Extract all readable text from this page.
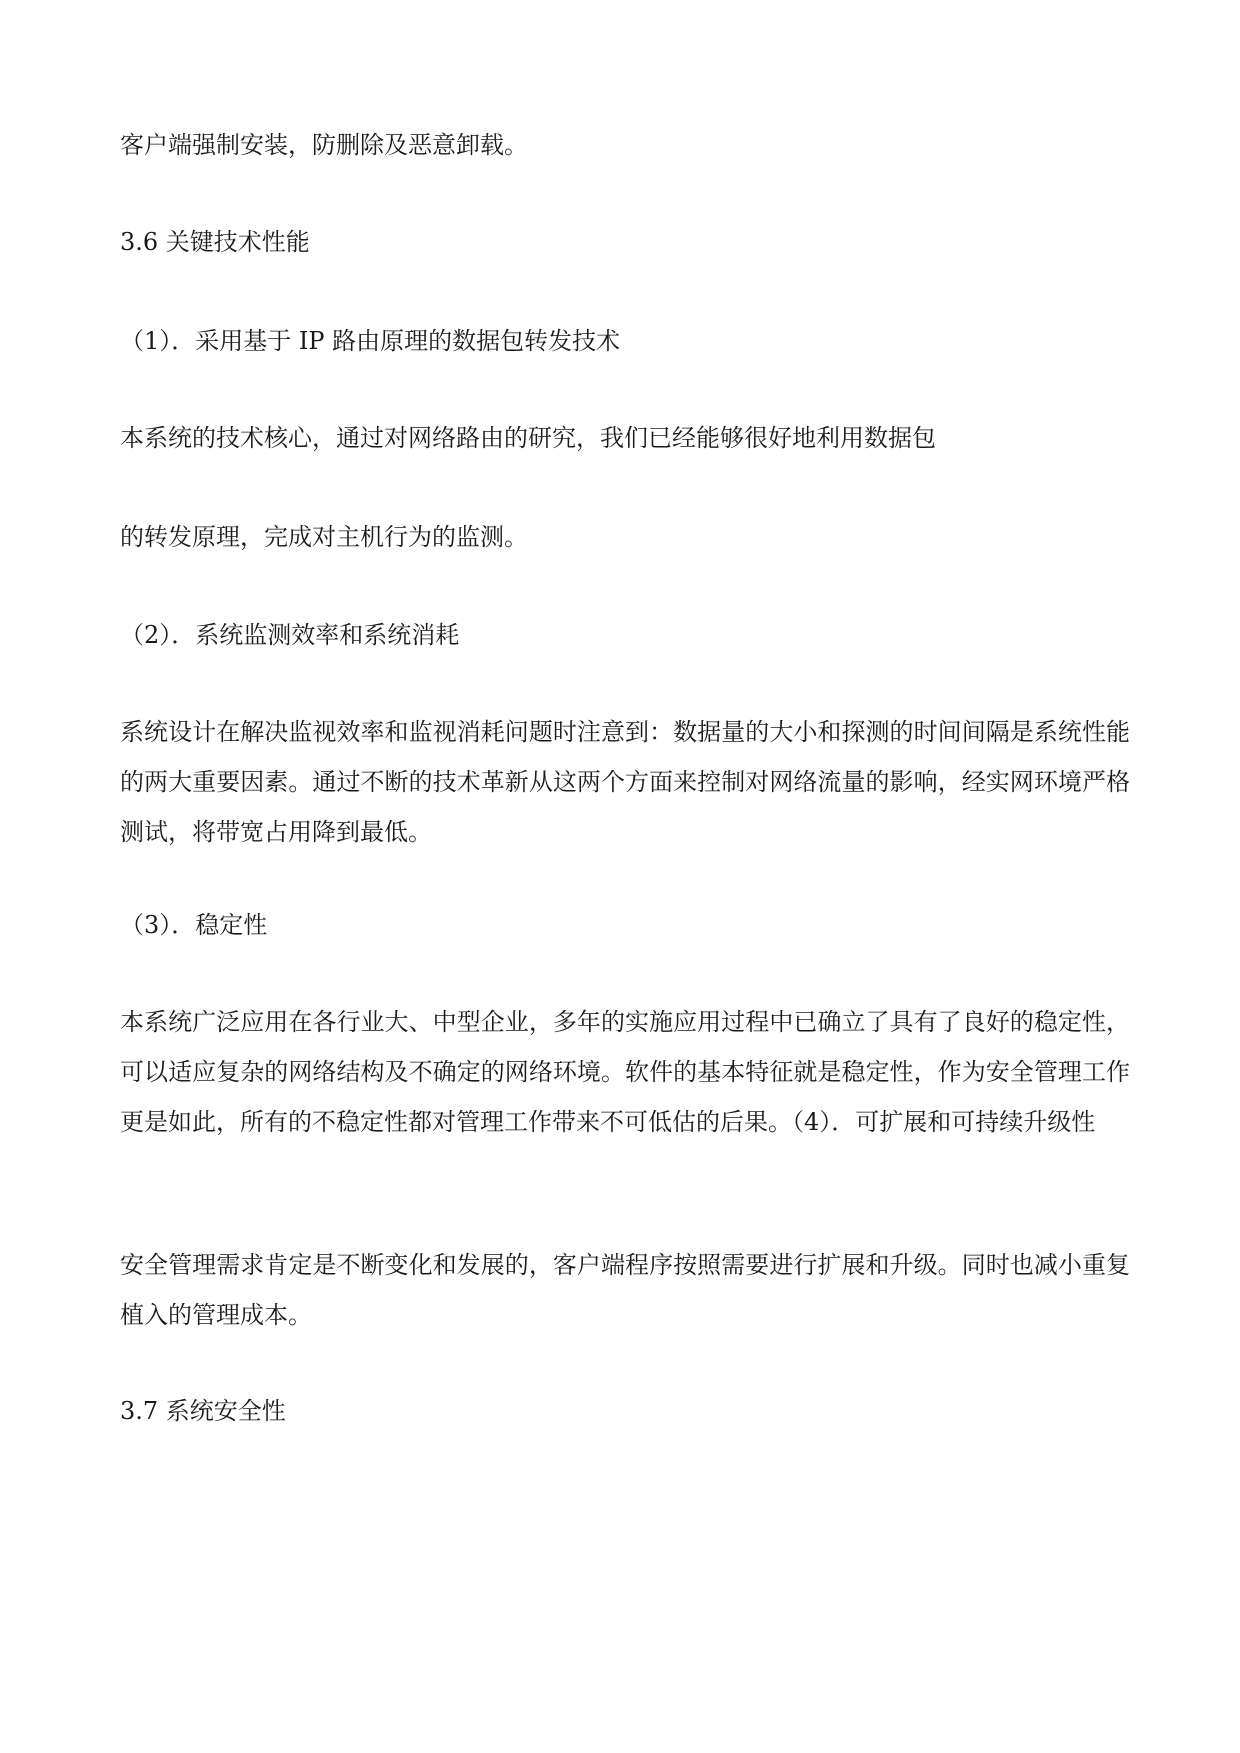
客户端强制安装，防删除及恶意卸载。

3.6 关键技术性能

（1）．采用基于 IP 路由原理的数据包转发技术

本系统的技术核心，通过对网络路由的研究，我们已经能够很好地利用数据包

的转发原理，完成对主机行为的监测。

（2）．系统监测效率和系统消耗

系统设计在解决监视效率和监视消耗问题时注意到：数据量的大小和探测的时间间隔是系统性能的两大重要因素。通过不断的技术革新从这两个方面来控制对网络流量的影响，经实网环境严格测试，将带宽占用降到最低。

（3）．稳定性

本系统广泛应用在各行业大、中型企业，多年的实施应用过程中已确立了具有了良好的稳定性，可以适应复杂的网络结构及不确定的网络环境。软件的基本特征就是稳定性，作为安全管理工作更是如此，所有的不稳定性都对管理工作带来不可低估的后果。（4）．可扩展和可持续升级性

安全管理需求肯定是不断变化和发展的，客户端程序按照需要进行扩展和升级。同时也减小重复植入的管理成本。

3.7 系统安全性
